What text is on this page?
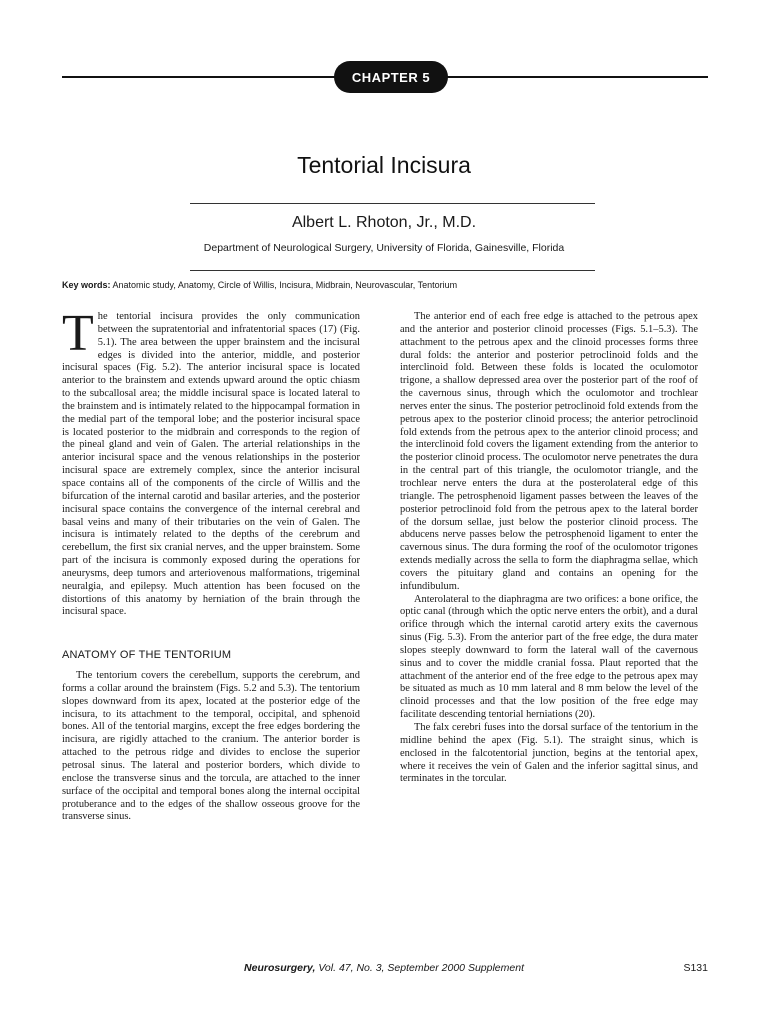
CHAPTER 5
Tentorial Incisura
Albert L. Rhoton, Jr., M.D.
Department of Neurological Surgery, University of Florida, Gainesville, Florida
Key words: Anatomic study, Anatomy, Circle of Willis, Incisura, Midbrain, Neurovascular, Tentorium

The tentorial incisura provides the only communication between the supratentorial and infratentorial spaces (17) (Fig. 5.1). The area between the upper brainstem and the incisural edges is divided into the anterior, middle, and posterior incisural spaces (Fig. 5.2). The anterior incisural space is located anterior to the brainstem and extends upward around the optic chiasm to the subcallosal area; the middle incisural space is located lateral to the brainstem and is intimately related to the hippocampal formation in the medial part of the temporal lobe; and the posterior incisural space is located posterior to the midbrain and corresponds to the region of the pineal gland and vein of Galen. The arterial relationships in the anterior incisural space and the venous relationships in the posterior incisural space are extremely complex, since the anterior incisural space contains all of the components of the circle of Willis and the bifurcation of the internal carotid and basilar arteries, and the posterior incisural space contains the convergence of the internal cerebral and basal veins and many of their tributaries on the vein of Galen. The incisura is intimately related to the depths of the cerebrum and cerebellum, the first six cranial nerves, and the upper brainstem. Some part of the incisura is commonly exposed during the operations for aneurysms, deep tumors and arteriovenous malformations, trigeminal neuralgia, and epilepsy. Much attention has been focused on the distortions of this anatomy by herniation of the brain through the incisural space.

ANATOMY OF THE TENTORIUM

The tentorium covers the cerebellum, supports the cerebrum, and forms a collar around the brainstem (Figs. 5.2 and 5.3). The tentorium slopes downward from its apex, located at the posterior edge of the incisura, to its attachment to the temporal, occipital, and sphenoid bones. All of the tentorial margins, except the free edges bordering the incisura, are rigidly attached to the cranium. The anterior border is attached to the petrous ridge and divides to enclose the superior petrosal sinus. The lateral and posterior borders, which divide to enclose the transverse sinus and the torcula, are attached to the inner surface of the occipital and temporal bones along the internal occipital protuberance and to the edges of the shallow osseous groove for the transverse sinus.

The anterior end of each free edge is attached to the petrous apex and the anterior and posterior clinoid processes (Figs. 5.1–5.3). The attachment to the petrous apex and the clinoid processes forms three dural folds: the anterior and posterior petroclinoid folds and the interclinoid fold. Between these folds is located the oculomotor trigone, a shallow depressed area over the posterior part of the roof of the cavernous sinus, through which the oculomotor and trochlear nerves enter the sinus. The posterior petroclinoid fold extends from the petrous apex to the posterior clinoid process; the anterior petroclinoid fold extends from the petrous apex to the anterior clinoid process; and the interclinoid fold covers the ligament extending from the anterior to the posterior clinoid process. The oculomotor nerve penetrates the dura in the central part of this triangle, the oculomotor triangle, and the trochlear nerve enters the dura at the posterolateral edge of this triangle. The petrosphenoid ligament passes between the leaves of the posterior petroclinoid fold from the petrous apex to the lateral border of the dorsum sellae, just below the posterior clinoid process. The abducens nerve passes below the petrosphenoid ligament to enter the cavernous sinus. The dura forming the roof of the oculomotor trigones extends medially across the sella to form the diaphragma sellae, which covers the pituitary gland and contains an opening for the infundibulum.

Anterolateral to the diaphragma are two orifices: a bone orifice, the optic canal (through which the optic nerve enters the orbit), and a dural orifice through which the internal carotid artery exits the cavernous sinus (Fig. 5.3). From the anterior part of the free edge, the dura mater slopes steeply downward to form the lateral wall of the cavernous sinus and to cover the middle cranial fossa. Plaut reported that the attachment of the anterior end of the free edge to the petrous apex may be situated as much as 10 mm lateral and 8 mm below the level of the clinoid processes and that the low position of the free edge may facilitate descending tentorial herniations (20).

The falx cerebri fuses into the dorsal surface of the tentorium in the midline behind the apex (Fig. 5.1). The straight sinus, which is enclosed in the falcotentorial junction, begins at the tentorial apex, where it receives the vein of Galen and the inferior sagittal sinus, and terminates in the torcular.

Neurosurgery, Vol. 47, No. 3, September 2000 Supplement	S131
